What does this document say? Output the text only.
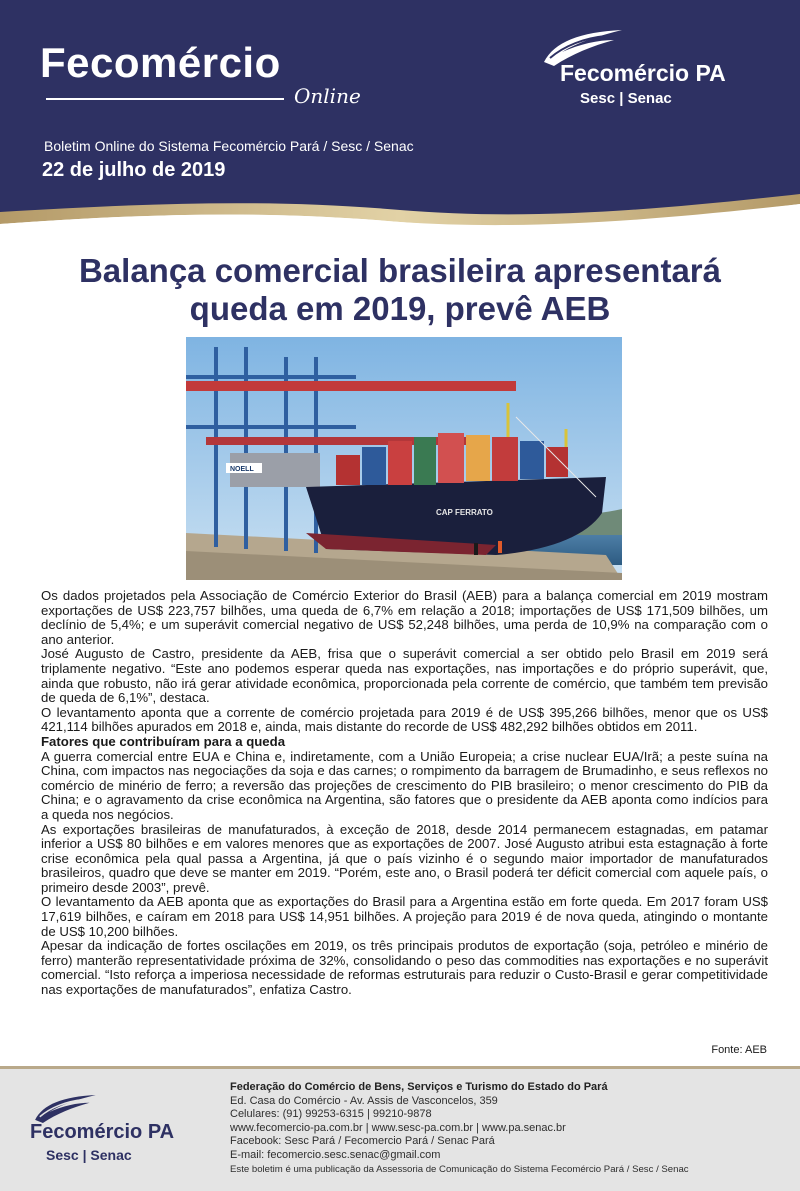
Fecomércio
Online
Boletim Online do Sistema Fecomércio Pará / Sesc / Senac
22 de julho de 2019
Fecomércio PA
Sesc | Senac
Balança comercial brasileira apresentará queda em 2019, prevê AEB
NOELL
CAP FERRATO

Os dados projetados pela Associação de Comércio Exterior do Brasil (AEB) para a balança comercial em 2019 mostram exportações de US$ 223,757 bilhões, uma queda de 6,7% em relação a 2018; importações de US$ 171,509 bilhões, um declínio de 5,4%; e um superávit comercial negativo de US$ 52,248 bilhões, uma perda de 10,9% na comparação com o ano anterior.

José Augusto de Castro, presidente da AEB, frisa que o superávit comercial a ser obtido pelo Brasil em 2019 será triplamente negativo. “Este ano podemos esperar queda nas exportações, nas importações e do próprio superávit, que, ainda que robusto, não irá gerar atividade econômica, proporcionada pela corrente de comércio, que também tem previsão de queda de 6,1%”, destaca.

O levantamento aponta que a corrente de comércio projetada para 2019 é de US$ 395,266 bilhões, menor que os US$ 421,114 bilhões apurados em 2018 e, ainda, mais distante do recorde de US$ 482,292 bilhões obtidos em 2011.

Fatores que contribuíram para a queda

A guerra comercial entre EUA e China e, indiretamente, com a União Europeia; a crise nuclear EUA/Irã; a peste suína na China, com impactos nas negociações da soja e das carnes; o rompimento da barragem de Brumadinho, e seus reflexos no comércio de minério de ferro; a reversão das projeções de crescimento do PIB brasileiro; o menor crescimento do PIB da China; e o agravamento da crise econômica na Argentina, são fatores que o presidente da AEB aponta como indícios para a queda nos negócios.

As exportações brasileiras de manufaturados, à exceção de 2018, desde 2014 permanecem estagnadas, em patamar inferior a US$ 80 bilhões e em valores menores que as exportações de 2007. José Augusto atribui esta estagnação à forte crise econômica pela qual passa a Argentina, já que o país vizinho é o segundo maior importador de manufaturados brasileiros, quadro que deve se manter em 2019. “Porém, este ano, o Brasil poderá ter déficit comercial com aquele país, o primeiro desde 2003”, prevê.

O levantamento da AEB aponta que as exportações do Brasil para a Argentina estão em forte queda. Em 2017 foram US$ 17,619 bilhões, e caíram em 2018 para US$ 14,951 bilhões. A projeção para 2019 é de nova queda, atingindo o montante de US$ 10,200 bilhões.

Apesar da indicação de fortes oscilações em 2019, os três principais produtos de exportação (soja, petróleo e minério de ferro) manterão representatividade próxima de 32%, consolidando o peso das commodities nas exportações e no superávit comercial. “Isto reforça a imperiosa necessidade de reformas estruturais para reduzir o Custo-Brasil e gerar competitividade nas exportações de manufaturados”, enfatiza Castro.

Fonte: AEB
Fecomércio PA
Sesc | Senac
Federação do Comércio de Bens, Serviços e Turismo do Estado do Pará
Ed. Casa do Comércio - Av. Assis de Vasconcelos, 359
Celulares: (91) 99253-6315 | 99210-9878
www.fecomercio-pa.com.br | www.sesc-pa.com.br | www.pa.senac.br
Facebook: Sesc Pará / Fecomercio Pará / Senac Pará
E-mail: fecomercio.sesc.senac@gmail.com
Este boletim é uma publicação da Assessoria de Comunicação do Sistema Fecomércio Pará / Sesc / Senac
